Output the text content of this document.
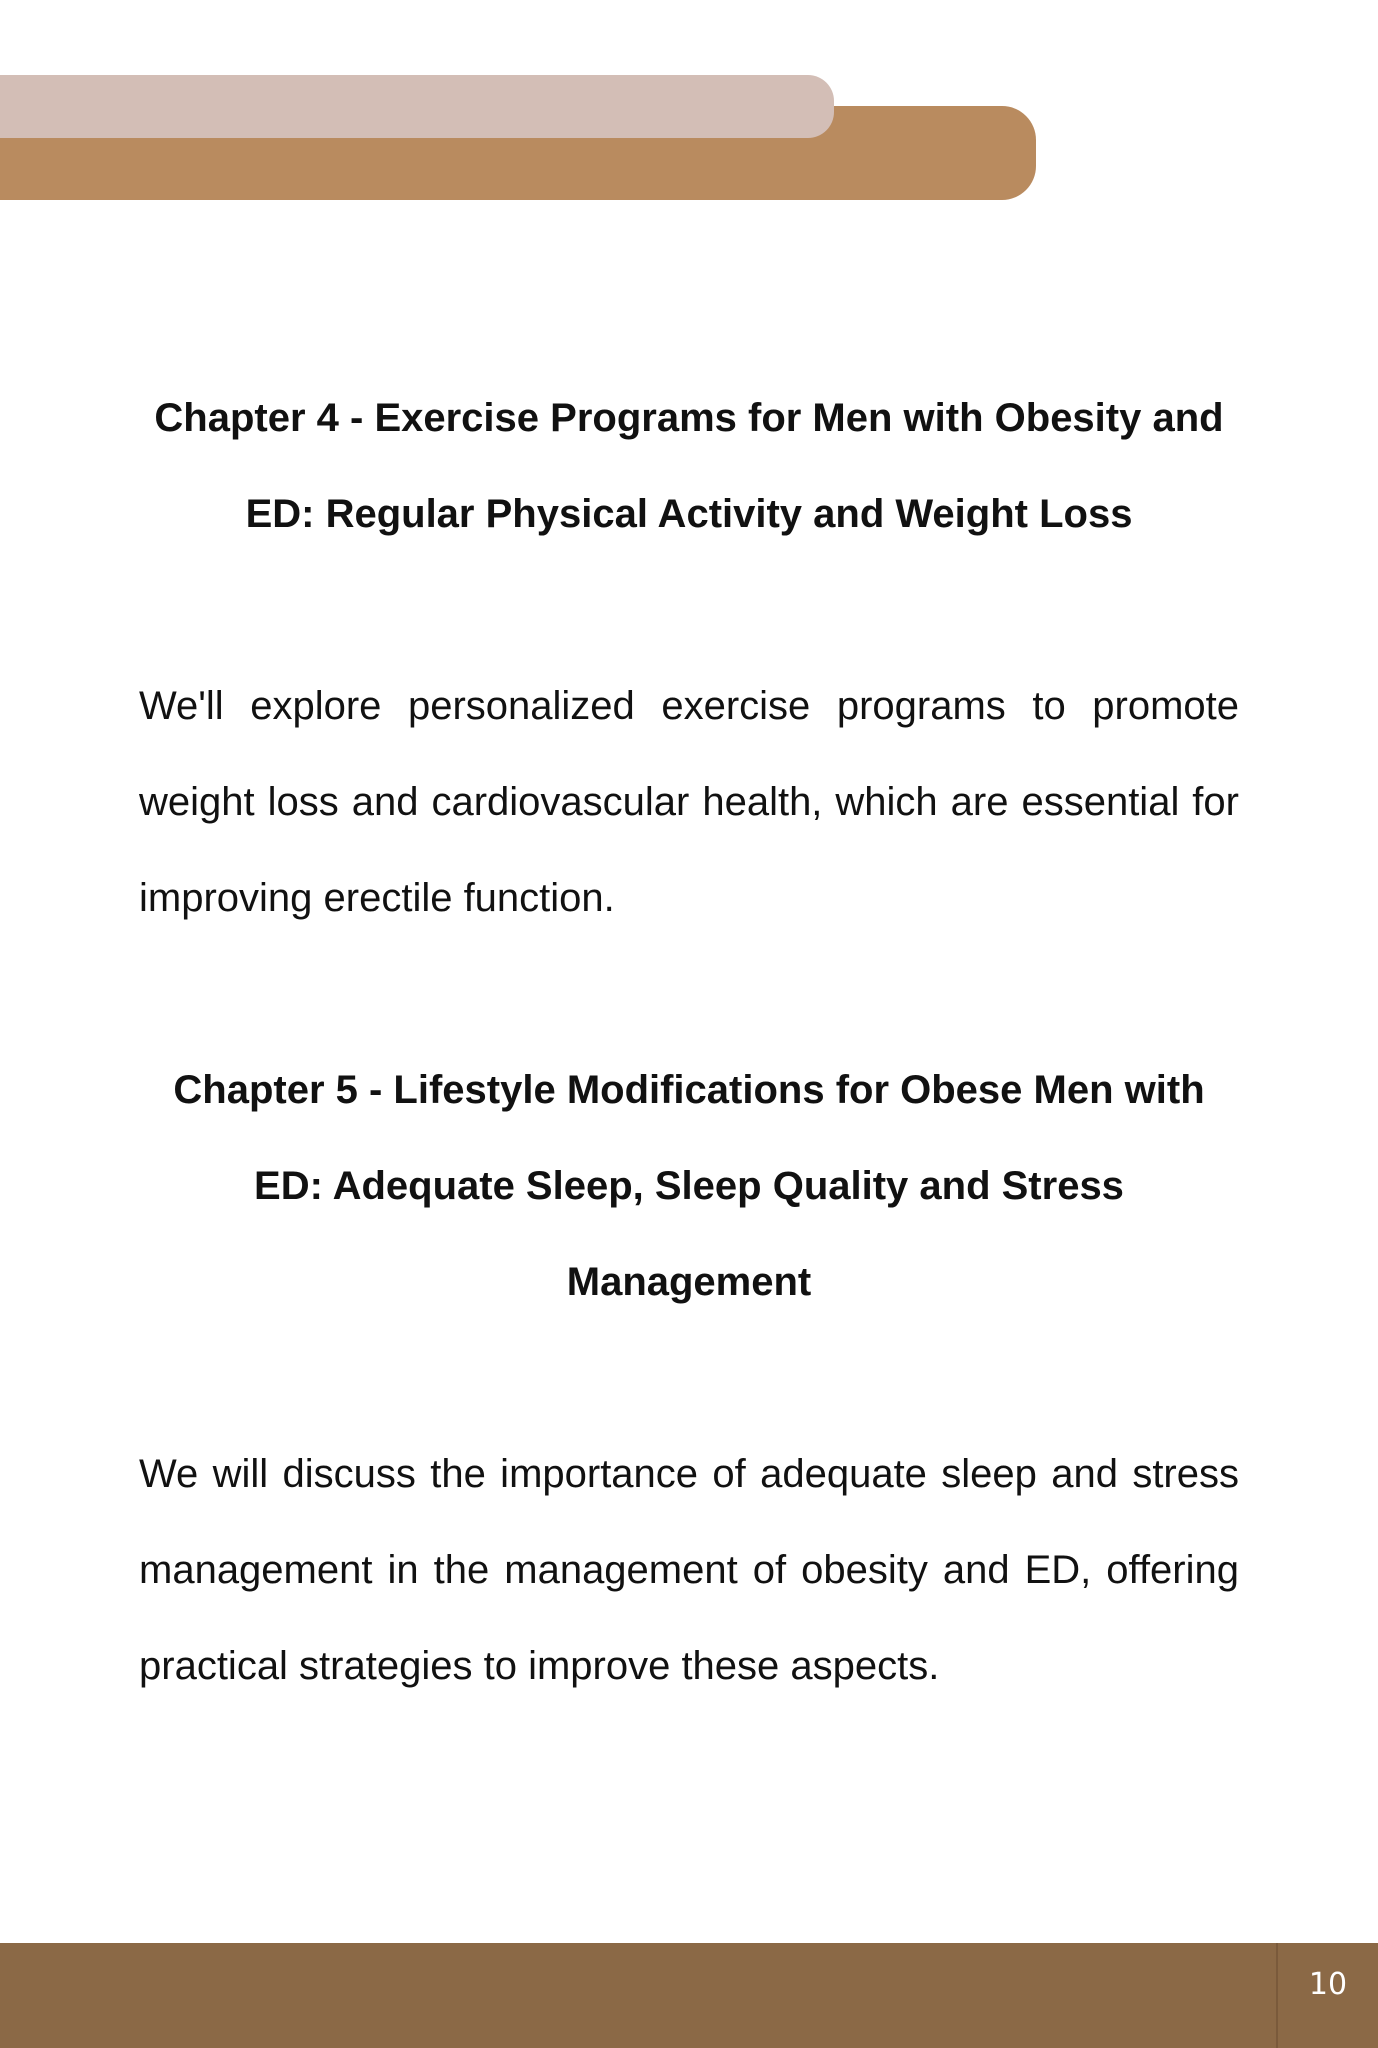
Chapter 4 - Exercise Programs for Men with Obesity and ED: Regular Physical Activity and Weight Loss

We'll explore personalized exercise programs to promote weight loss and cardiovascular health, which are essential for improving erectile function.

Chapter 5 - Lifestyle Modifications for Obese Men with ED: Adequate Sleep, Sleep Quality and Stress Management

We will discuss the importance of adequate sleep and stress management in the management of obesity and ED, offering practical strategies to improve these aspects.

10
